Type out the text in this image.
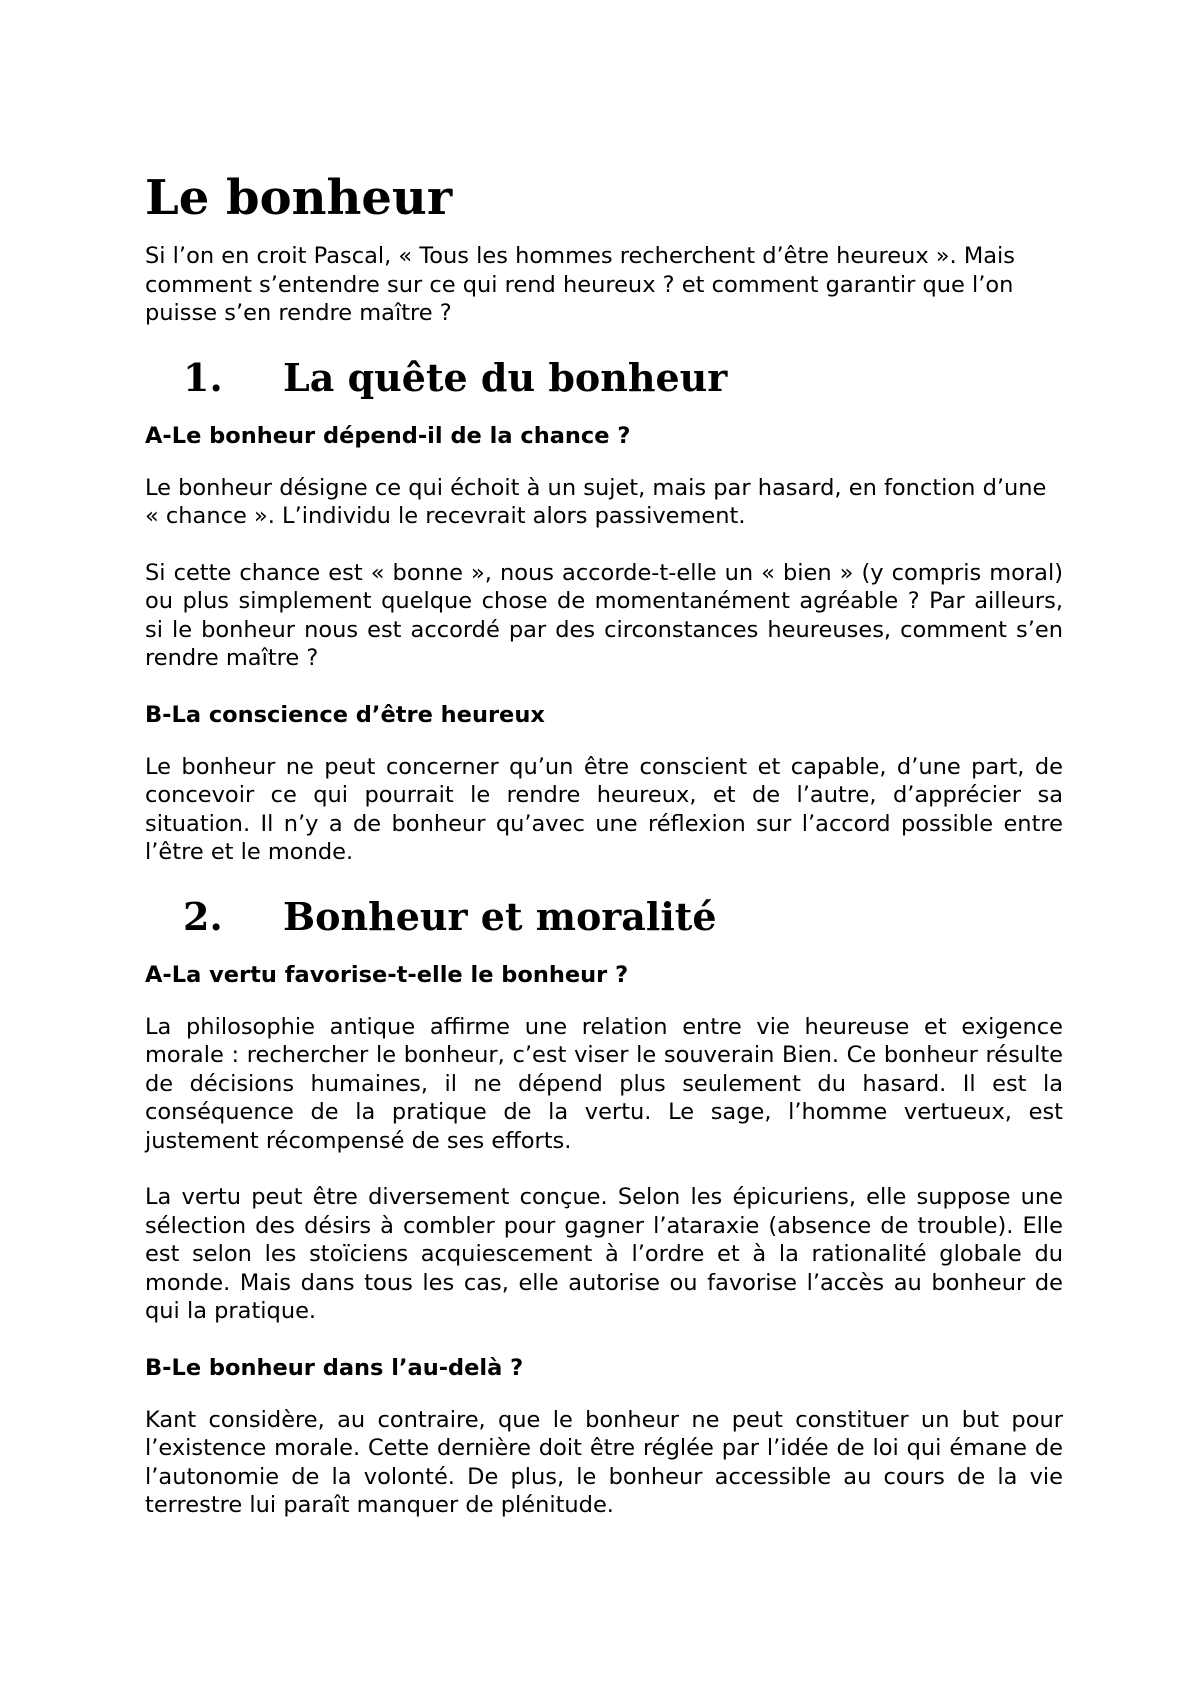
Le bonheur

Si l’on en croit Pascal, « Tous les hommes recherchent d’être heureux ». Mais comment s’entendre sur ce qui rend heureux ? et comment garantir que l’on puisse s’en rendre maître ?

1.	La quête du bonheur
A-Le bonheur dépend-il de la chance ?

Le bonheur désigne ce qui échoit à un sujet, mais par hasard, en fonction d’une « chance ». L’individu le recevrait alors passivement.

Si cette chance est « bonne », nous accorde-t-elle un « bien » (y compris moral) ou plus simplement quelque chose de momentanément agréable ? Par ailleurs, si le bonheur nous est accordé par des circonstances heureuses, comment s’en rendre maître ?

B-La conscience d’être heureux

Le bonheur ne peut concerner qu’un être conscient et capable, d’une part, de concevoir ce qui pourrait le rendre heureux, et de l’autre, d’apprécier sa situation. Il n’y a de bonheur qu’avec une réflexion sur l’accord possible entre l’être et le monde.

2.	Bonheur et moralité
A-La vertu favorise-t-elle le bonheur ?

La philosophie antique affirme une relation entre vie heureuse et exigence morale : rechercher le bonheur, c’est viser le souverain Bien. Ce bonheur résulte de décisions humaines, il ne dépend plus seulement du hasard. Il est la conséquence de la pratique de la vertu. Le sage, l’homme vertueux, est justement récompensé de ses efforts.

La vertu peut être diversement conçue. Selon les épicuriens, elle suppose une sélection des désirs à combler pour gagner l’ataraxie (absence de trouble). Elle est selon les stoïciens acquiescement à l’ordre et à la rationalité globale du monde. Mais dans tous les cas, elle autorise ou favorise l’accès au bonheur de qui la pratique.

B-Le bonheur dans l’au-delà ?

Kant considère, au contraire, que le bonheur ne peut constituer un but pour l’existence morale. Cette dernière doit être réglée par l’idée de loi qui émane de l’autonomie de la volonté. De plus, le bonheur accessible au cours de la vie terrestre lui paraît manquer de plénitude.
